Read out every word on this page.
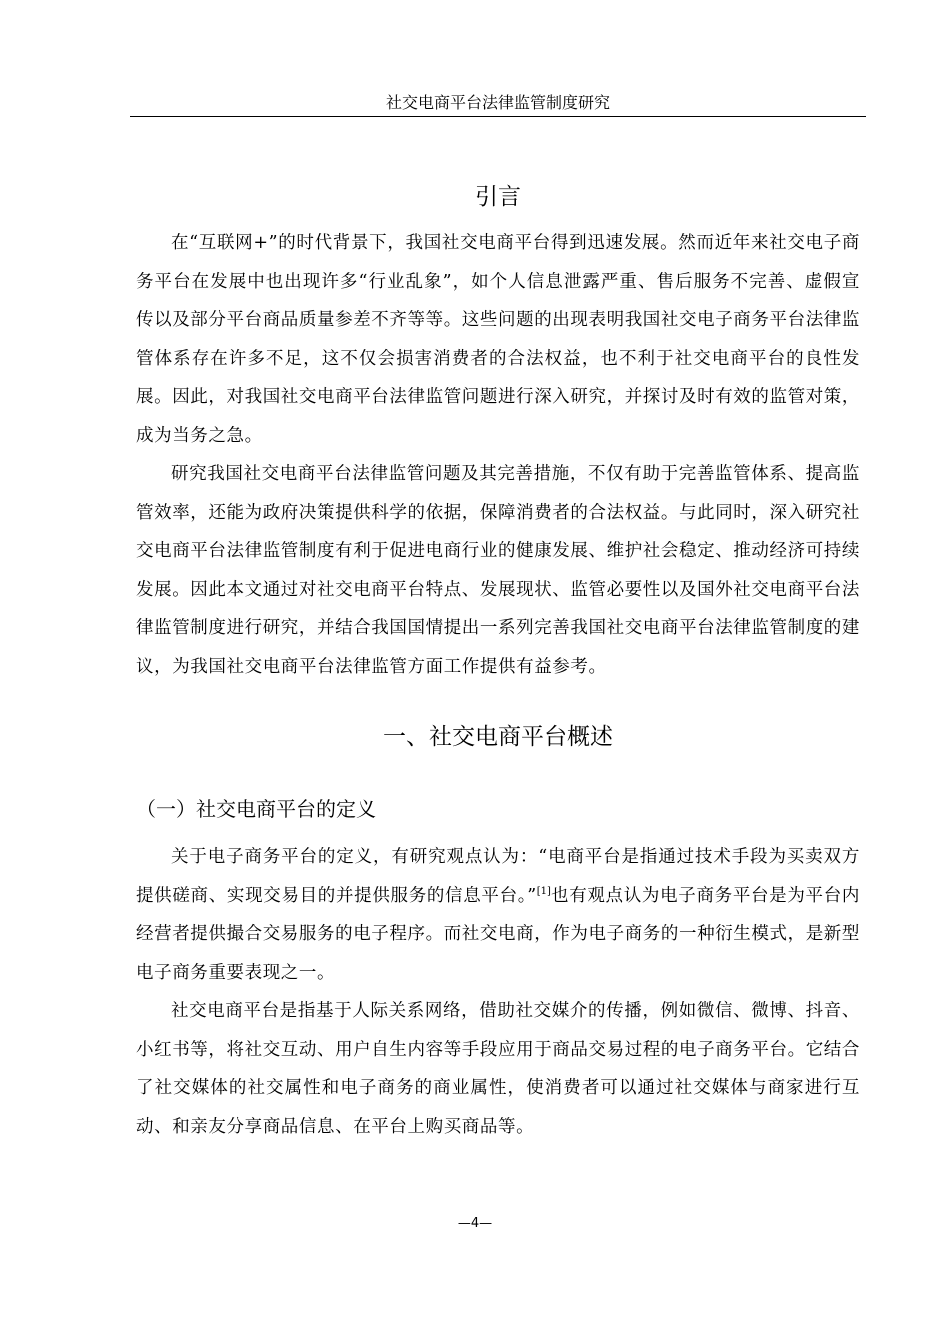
社交电商平台法律监管制度研究
引言

在“互联网+”的时代背景下，我国社交电商平台得到迅速发展。然而近年来社交电子商务平台在发展中也出现许多“行业乱象”，如个人信息泄露严重、售后服务不完善、虚假宣传以及部分平台商品质量参差不齐等等。这些问题的出现表明我国社交电子商务平台法律监管体系存在许多不足，这不仅会损害消费者的合法权益，也不利于社交电商平台的良性发展。因此，对我国社交电商平台法律监管问题进行深入研究，并探讨及时有效的监管对策，成为当务之急。

研究我国社交电商平台法律监管问题及其完善措施，不仅有助于完善监管体系、提高监管效率，还能为政府决策提供科学的依据，保障消费者的合法权益。与此同时，深入研究社交电商平台法律监管制度有利于促进电商行业的健康发展、维护社会稳定、推动经济可持续发展。因此本文通过对社交电商平台特点、发展现状、监管必要性以及国外社交电商平台法律监管制度进行研究，并结合我国国情提出一系列完善我国社交电商平台法律监管制度的建议，为我国社交电商平台法律监管方面工作提供有益参考。

一、社交电商平台概述
（一）社交电商平台的定义

关于电子商务平台的定义，有研究观点认为：“电商平台是指通过技术手段为买卖双方提供磋商、实现交易目的并提供服务的信息平台。”[1]也有观点认为电子商务平台是为平台内经营者提供撮合交易服务的电子程序。而社交电商，作为电子商务的一种衍生模式，是新型电子商务重要表现之一。

社交电商平台是指基于人际关系网络，借助社交媒介的传播，例如微信、微博、抖音、小红书等，将社交互动、用户自生内容等手段应用于商品交易过程的电子商务平台。它结合了社交媒体的社交属性和电子商务的商业属性，使消费者可以通过社交媒体与商家进行互动、和亲友分享商品信息、在平台上购买商品等。

—4—
